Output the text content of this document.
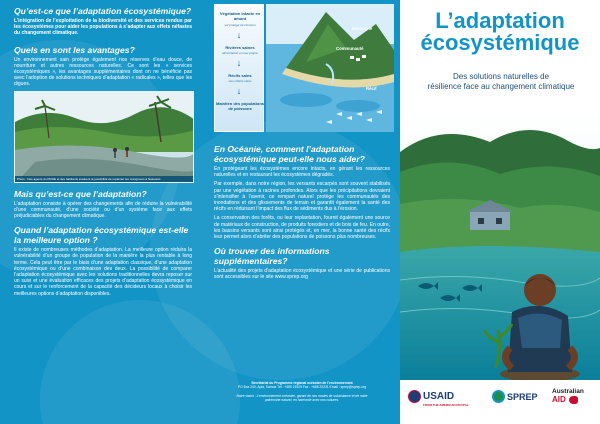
Qu’est-ce que l’adaptation écosystémique?

L’intégration de l’exploitation de la biodiversité et des services rendus par les écosystèmes pour aider les populations à s’adapter aux effets néfastes du changement climatique.

Quels en sont les avantages?

Un environnement sain protège également nos réserves d’eau douce, de nourriture et autres ressources naturelles. Ce sont les « services écosystémiques », les avantages supplémentaires dont on ne bénéficie pas avec l’adoption de solutions techniques d’adaptation « radicales », telles que les digues.

Photo : Des agents du PROE et des habitants évaluent la possibilité de replanter les mangroves à Nassoulo
Mais qu’est-ce que l’adaptation?

L’adaptation consiste à opérer des changements afin de réduire la vulnérabilité d’une communauté, d’une société ou d’un système face aux effets préjudiciables du changement climatique.

Quand l’adaptation écosystémique est-elle
la meilleure option ?

Il existe de nombreuses méthodes d’adaptation. La meilleure option réduira la vulnérabilité d’un groupe de population de la manière la plus rentable à long terme. Cela peut être par le biais d’une adaptation classique, d’une adaptation écosystémique ou d’une combinaison des deux. La possibilité de comparer l’adaptation écosystémique avec les solutions traditionnelles devra reposer sur un suivi et une évaluation efficaces des projets d’adaptation écosystémique en cours et sur le renforcement de la capacité des décideurs locaux à choisir les meilleures options d’adaptation disponibles.

Végétation intacte en amont
sol protégé de l’érosion
↓
Rivières saines
alimentation en eau propre
↓
Récifs sains
eau côtière saine
↓
Maintien des populations de poissons
Montagne
Communauté
Récif
En Océanie, comment l’adaptation
écosystémique peut-elle nous aider?

En protégeant les écosystèmes encore intacts, en gérant les ressources naturelles et en restaurant les écosystèmes dégradés.

Par exemple, dans notre région, les versants escarpés sont souvent stabilisés par une végétation à racines profondes. Alors que les précipitations devraient s’intensifier à l’avenir, ce rempart naturel protège les communautés des inondations et des glissements de terrain et garantit également la santé des récifs en réduisant l’impact des flux de sédiments dus à l’érosion.

La conservation des forêts, ou leur replantation, fournit également une source de matériaux de construction, de produits forestiers et de bois de feu. En outre, les bassins versants sont ainsi protégés et, en mer, la bonne santé des récifs leur permet alors d’abriter des populations de poissons plus nombreuses.

Où trouver des informations supplémentaires?

L’actualité des projets d’adaptation écosystémique et une série de publications sont accessibles sur le site www.sprep.org

Secrétariat du Programme régional océanien de l’environnement
PO Box 240, Apia, Samoa Tél : +685 21929 Fax : +685 20231 Email : sprep@sprep.org
Notre vision : L’environnement océanien, garant de nos modes de subsistance et de notre
patrimoine naturel, en harmonie avec nos cultures.
L’adaptation
écosystémique
Des solutions naturelles de
résilience face au changement climatique
USAID
FROM THE AMERICAN PEOPLE
SPREP Australian
AID
